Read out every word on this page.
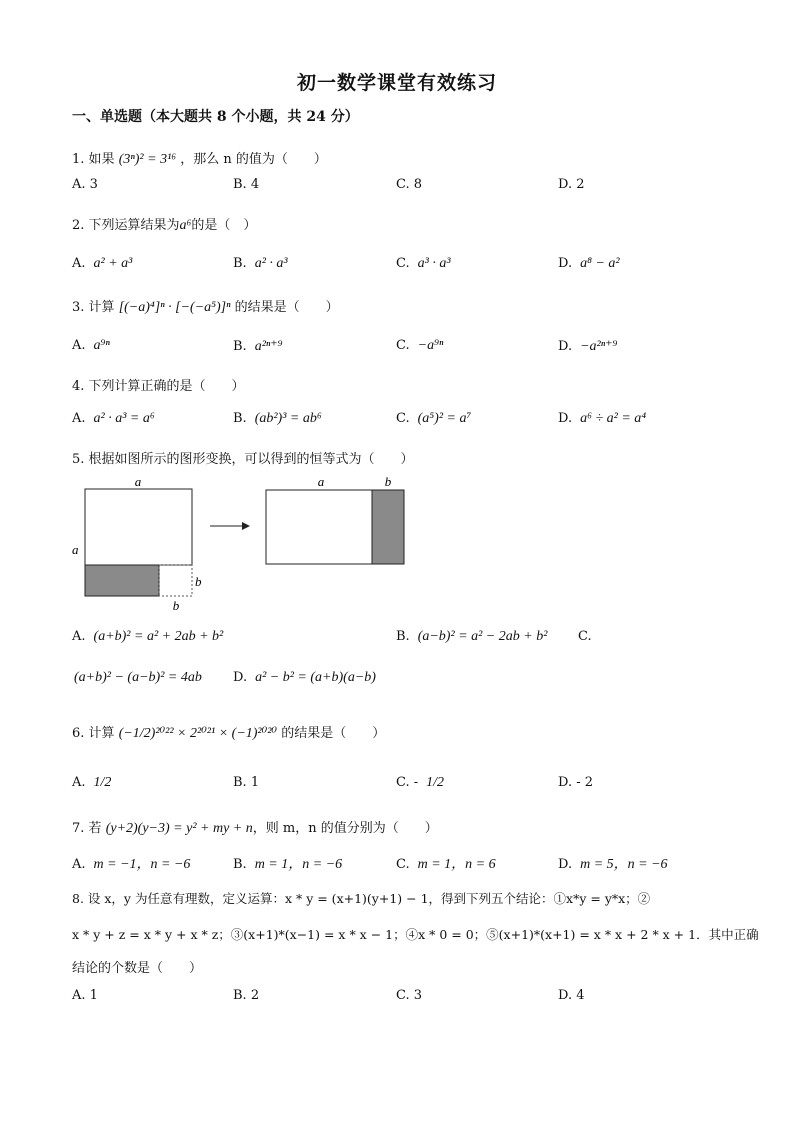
初一数学课堂有效练习
一、单选题（本大题共 8 个小题，共 24 分）
1. 如果 (3ⁿ)² = 3¹⁶ ，那么 n 的值为（　　）
A. 3	B. 4	C. 8	D. 2
2. 下列运算结果为a⁶的是（　）
A. a² + a³	B. a² · a³	C. a³ · a³	D. a⁸ − a²
3. 计算 [(−a)⁴]ⁿ · [−(−a⁵)]ⁿ 的结果是（　　）
A. a⁹ⁿ	B. a²ⁿ⁺⁹	C. −a⁹ⁿ	D. −a²ⁿ⁺⁹
4. 下列计算正确的是（　　）
A. a² · a³ = a⁶	B. (ab²)³ = ab⁶	C. (a⁵)² = a⁷	D. a⁶ ÷ a² = a⁴
5. 根据如图所示的图形变换，可以得到的恒等式为（　　）
a
a
b
b
a	b
A. (a+b)² = a² + 2ab + b²	B. (a−b)² = a² − 2ab + b² C.
(a+b)² − (a−b)² = 4ab D. a² − b² = (a+b)(a−b)
6. 计算 (−1/2)²⁰²² × 2²⁰²¹ × (−1)²⁰²⁰ 的结果是（　　）
A. 1/2	B. 1	C. - 1/2	D. - 2
7. 若 (y+2)(y−3) = y² + my + n，则 m，n 的值分别为（　　）
A. m = −1，n = −6	B. m = 1，n = −6	C. m = 1，n = 6	D. m = 5，n = −6
8. 设 x，y 为任意有理数，定义运算：x * y = (x+1)(y+1) − 1，得到下列五个结论：①x*y = y*x；②
x * y + z = x * y + x * z；③(x+1)*(x−1) = x * x − 1；④x * 0 = 0；⑤(x+1)*(x+1) = x * x + 2 * x + 1．其中正确
结论的个数是（　　）
A. 1	B. 2	C. 3	D. 4
